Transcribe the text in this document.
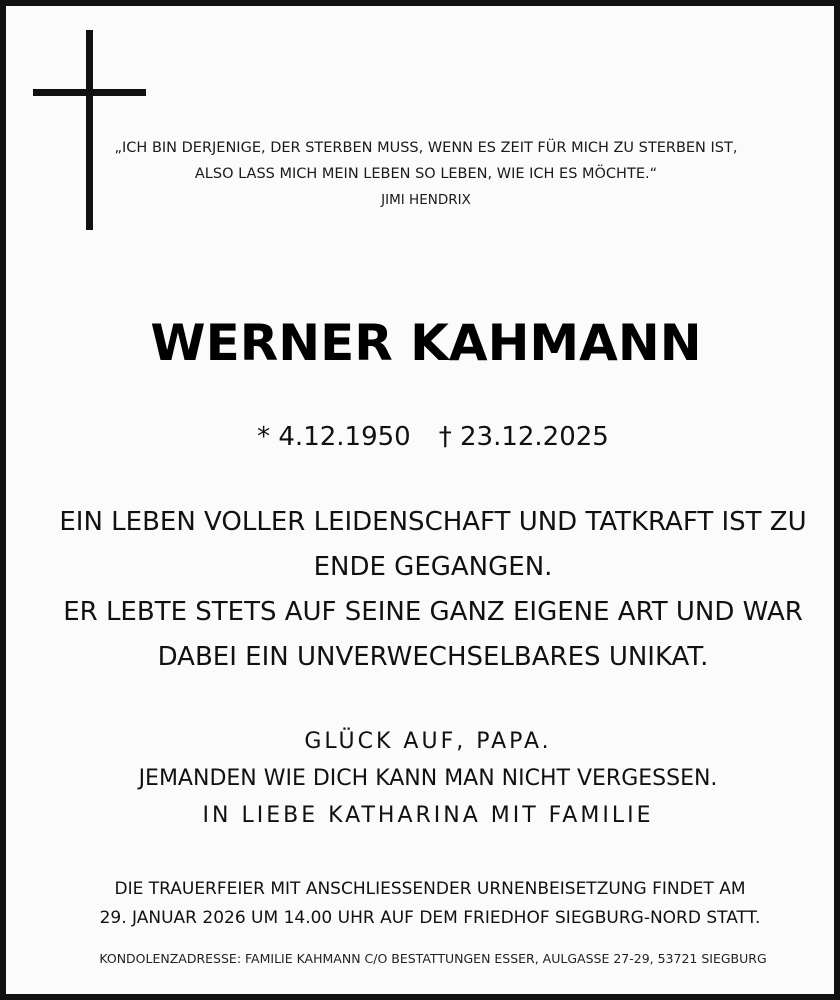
„ICH BIN DERJENIGE, DER STERBEN MUSS, WENN ES ZEIT FÜR MICH ZU STERBEN IST,
ALSO LASS MICH MEIN LEBEN SO LEBEN, WIE ICH ES MÖCHTE.“
JIMI HENDRIX
WERNER KAHMANN
* 4.12.1950 † 23.12.2025
EIN LEBEN VOLLER LEIDENSCHAFT UND TATKRAFT IST ZU
ENDE GEGANGEN.
ER LEBTE STETS AUF SEINE GANZ EIGENE ART UND WAR
DABEI EIN UNVERWECHSELBARES UNIKAT.
GLÜCK AUF, PAPA.
JEMANDEN WIE DICH KANN MAN NICHT VERGESSEN.
IN LIEBE KATHARINA MIT FAMILIE
DIE TRAUERFEIER MIT ANSCHLIESSENDER URNENBEISETZUNG FINDET AM
29. JANUAR 2026 UM 14.00 UHR AUF DEM FRIEDHOF SIEGBURG-NORD STATT.
KONDOLENZADRESSE: FAMILIE KAHMANN C/O BESTATTUNGEN ESSER, AULGASSE 27-29, 53721 SIEGBURG
